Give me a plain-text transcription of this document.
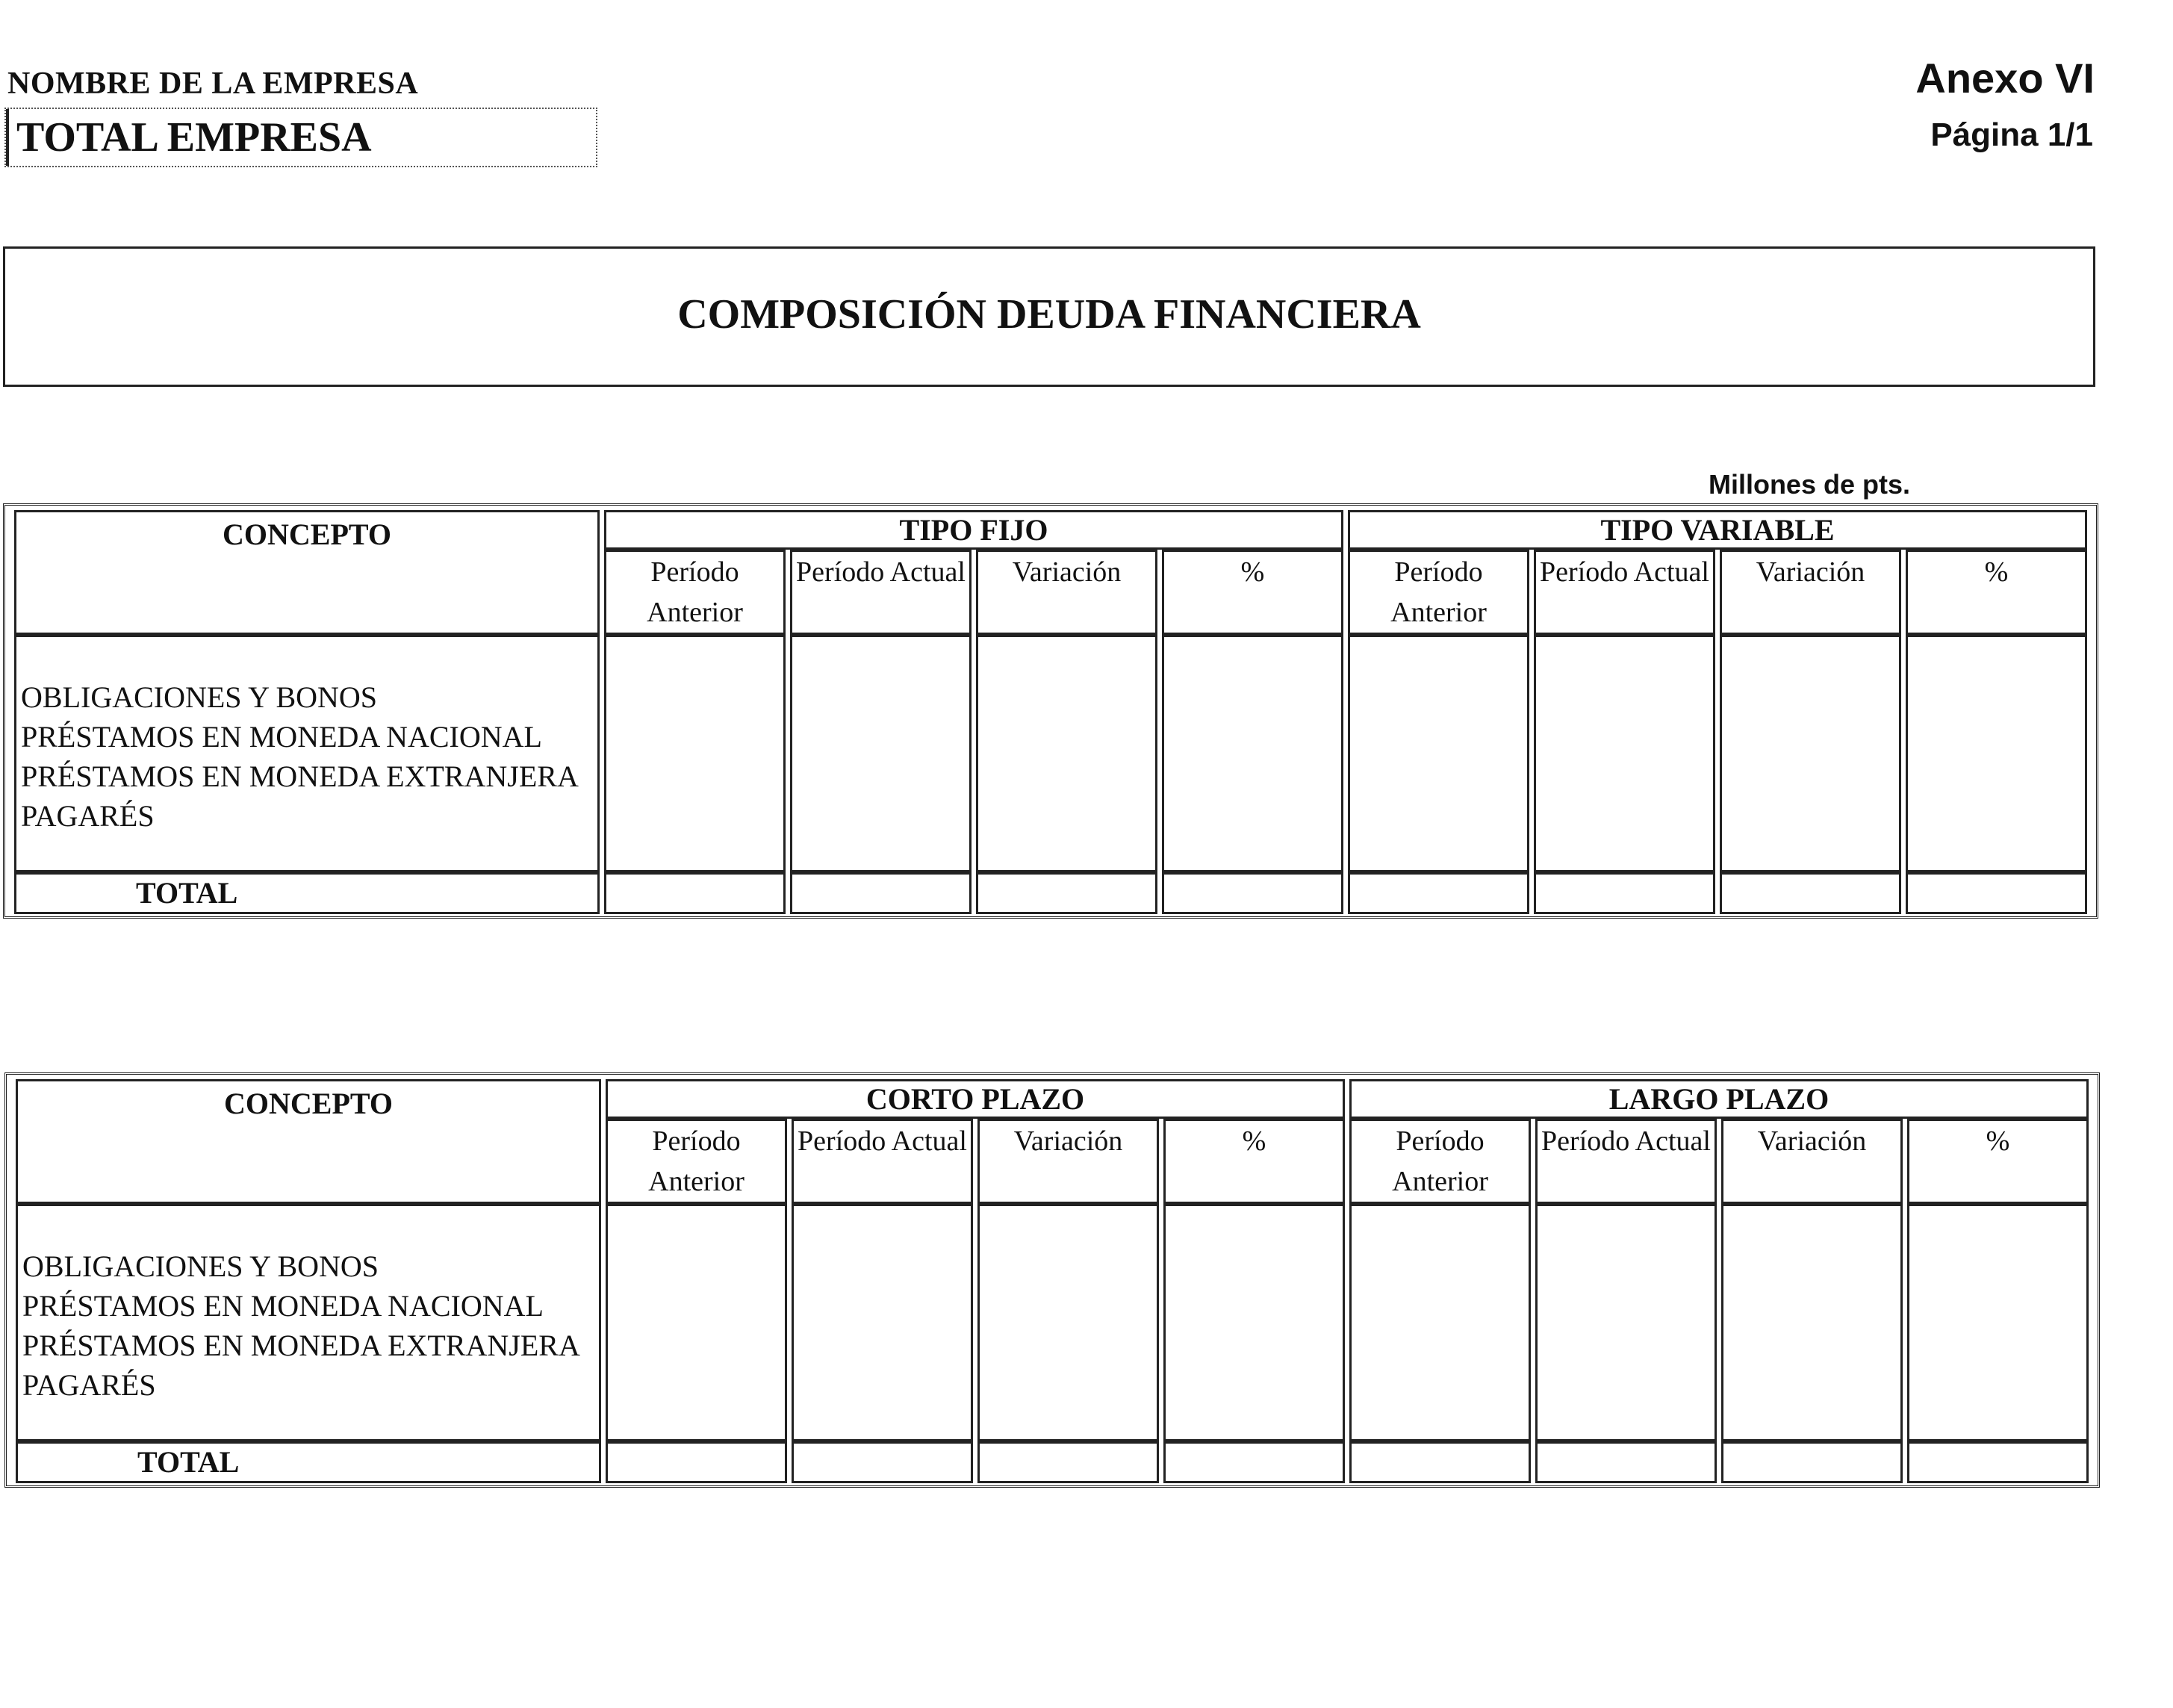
NOMBRE DE LA EMPRESA
TOTAL EMPRESA
Anexo VI
Página 1/1
COMPOSICIÓN DEUDA FINANCIERA
Millones de pts.
CONCEPTO	TIPO FIJO				TIPO VARIABLE			
	Período Anterior	Período Actual	Variación	%	Período Anterior	Período Actual	Variación	%

OBLIGACIONES Y BONOS
PRÉSTAMOS EN MONEDA NACIONAL
PRÉSTAMOS EN MONEDA EXTRANJERA
PAGARÉS								

TOTAL								
CONCEPTO	CORTO PLAZO				LARGO PLAZO			
	Período Anterior	Período Actual	Variación	%	Período Anterior	Período Actual	Variación	%

OBLIGACIONES Y BONOS
PRÉSTAMOS EN MONEDA NACIONAL
PRÉSTAMOS EN MONEDA EXTRANJERA
PAGARÉS								

TOTAL								
